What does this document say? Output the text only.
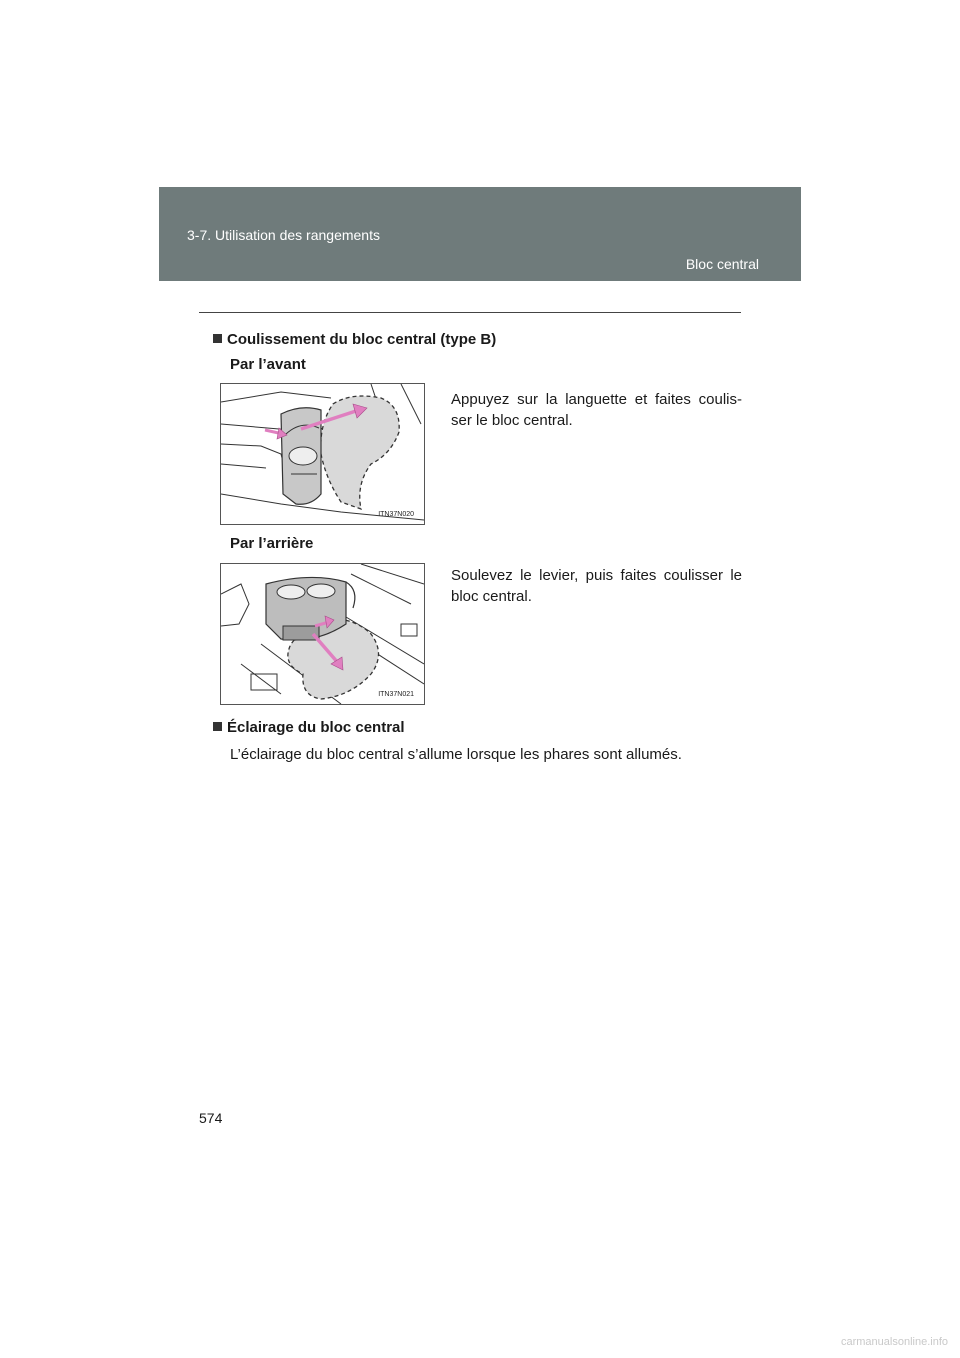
3-7. Utilisation des rangements
Bloc central
Coulissement du bloc central (type B)
Par l’avant
ITN37N020
Appuyez sur la languette et faites coulis- ser le bloc central.
Par l’arrière
ITN37N021
Soulevez le levier, puis faites coulisser le bloc central.
Éclairage du bloc central
L’éclairage du bloc central s’allume lorsque les phares sont allumés.
574
carmanualsonline.info
